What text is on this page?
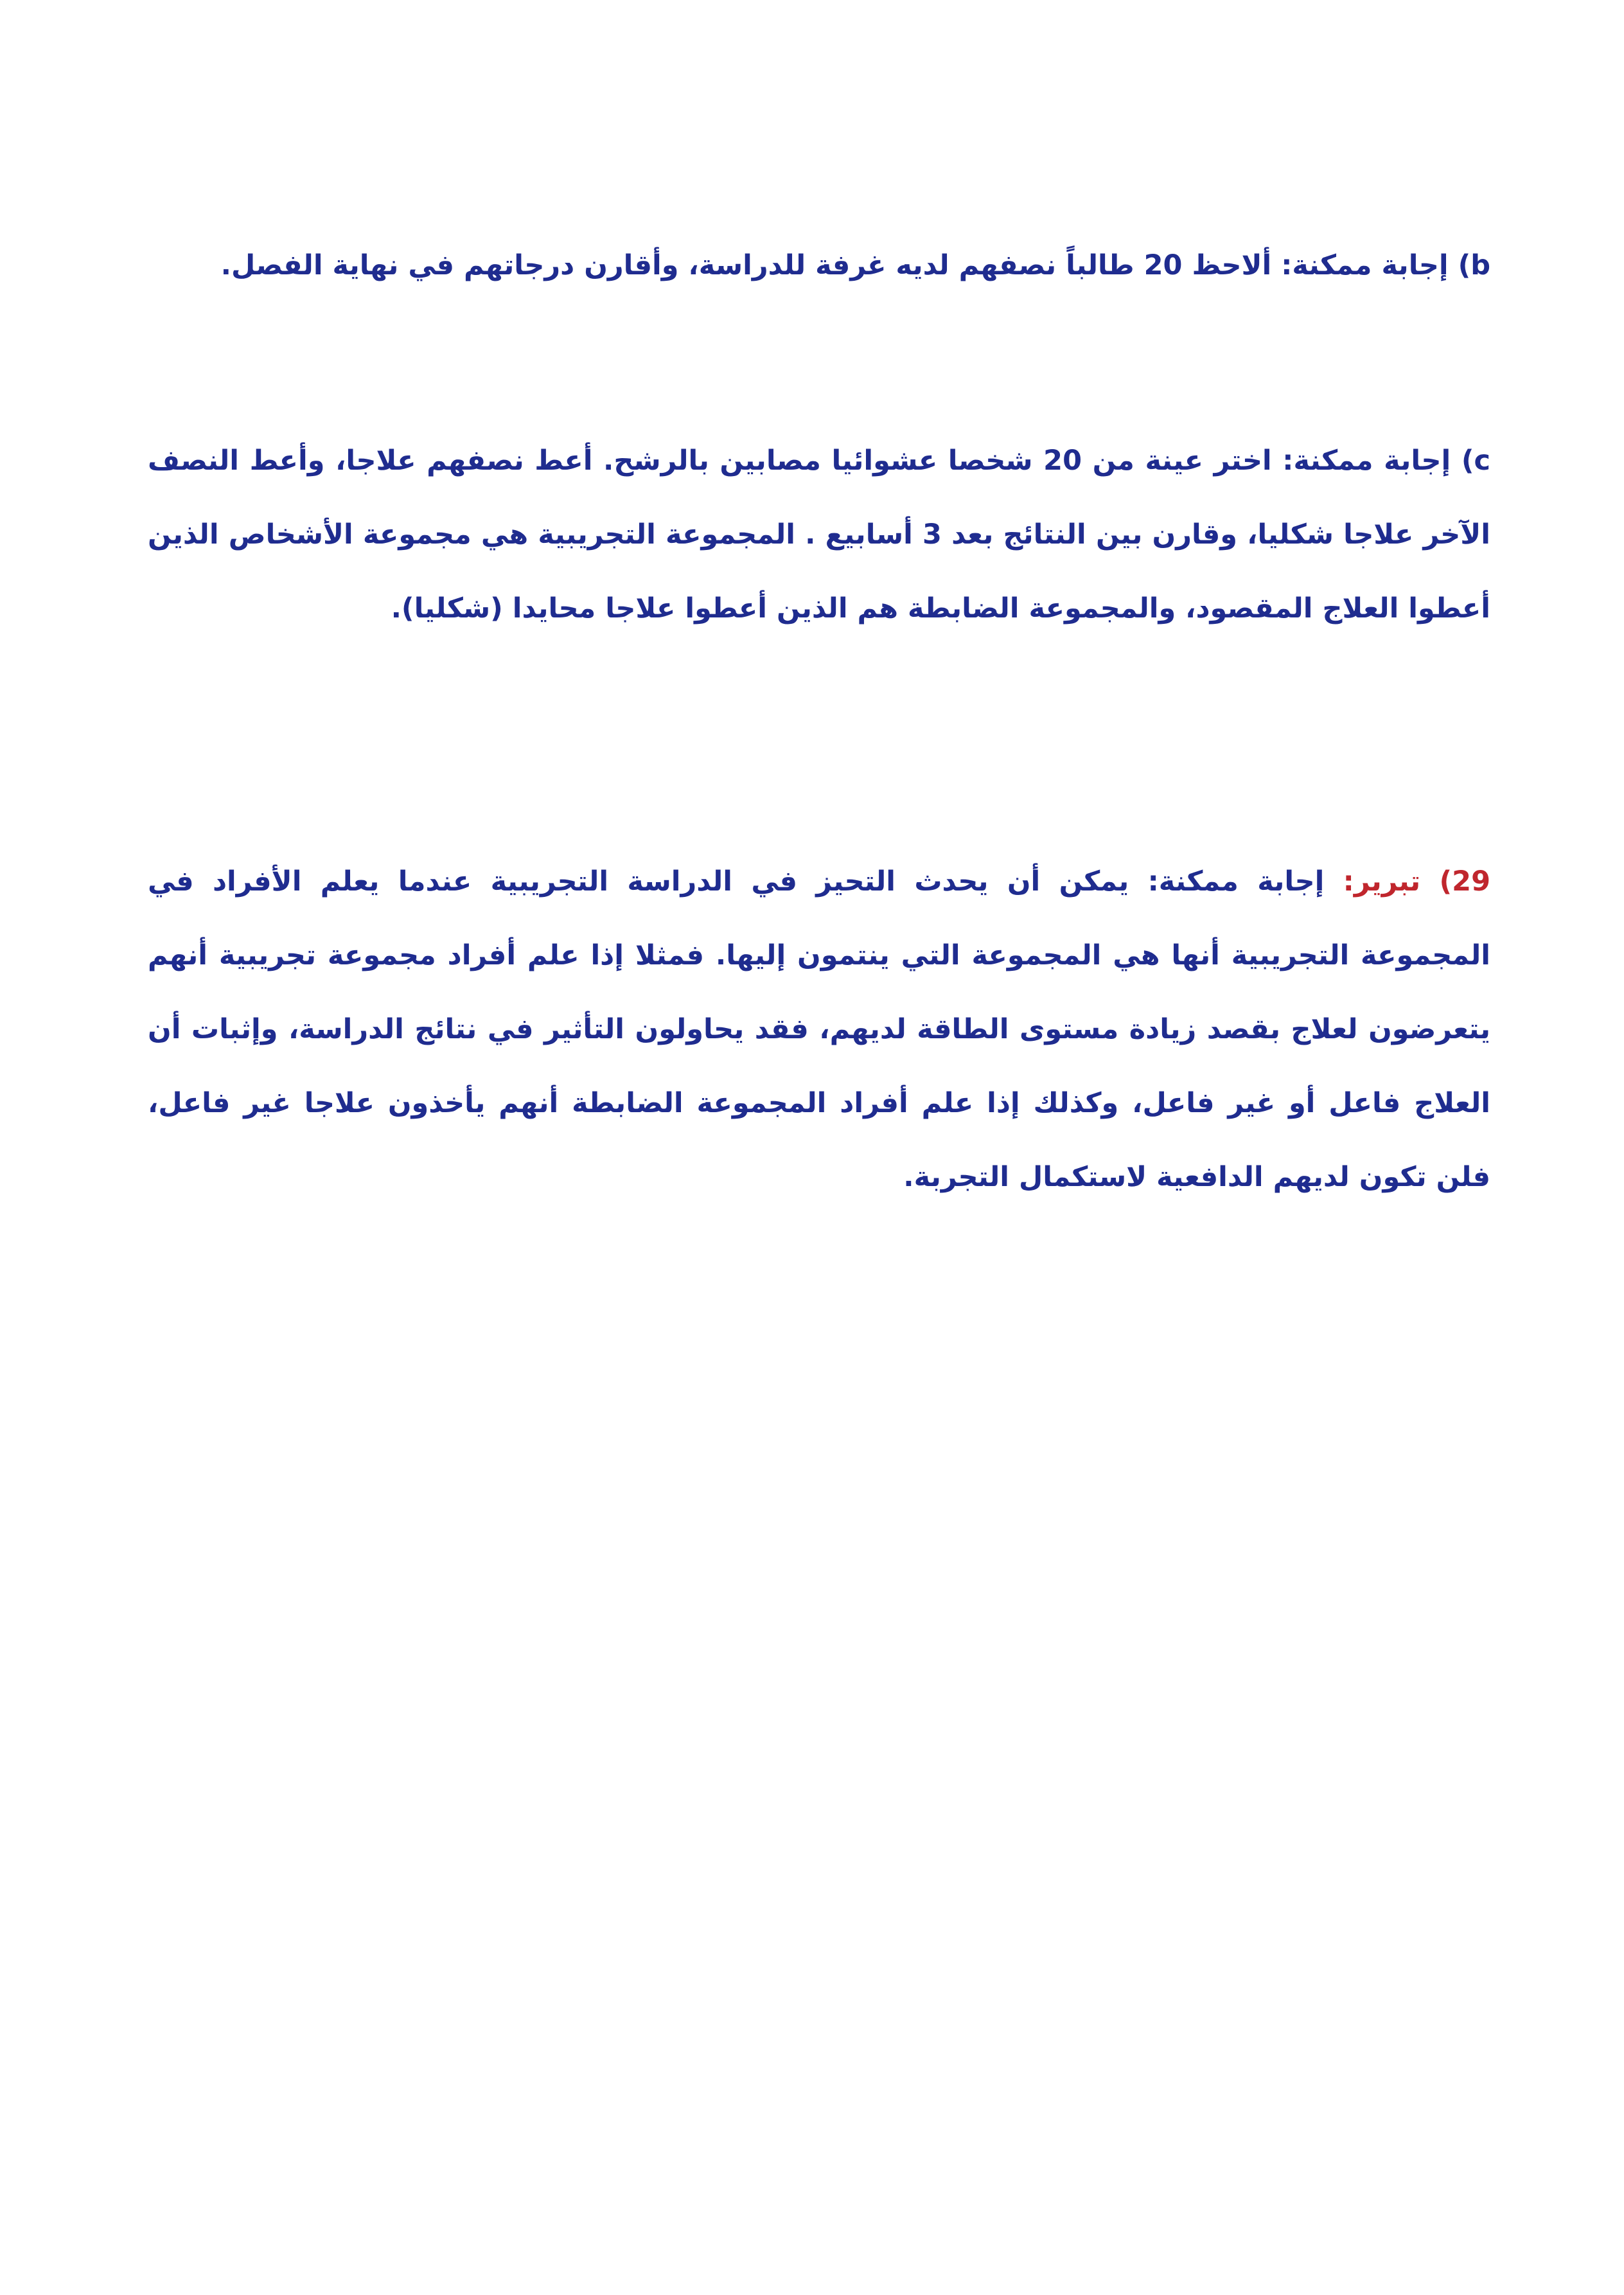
b) إجابة ممكنة: ألاحظ 20 طالباً نصفهم لديه غرفة للدراسة، وأقارن درجاتهم في نهاية الفصل.

c) إجابة ممكنة: اختر عينة من 20 شخصا عشوائيا مصابين بالرشح. أعط نصفهم علاجا، وأعط النصف الآخر علاجا شكليا، وقارن بين النتائج بعد 3 أسابيع . المجموعة التجريبية هي مجموعة الأشخاص الذين أعطوا العلاج المقصود، والمجموعة الضابطة هم الذين أعطوا علاجا محايدا (شكليا).

29) تبرير: إجابة ممكنة: يمكن أن يحدث التحيز في الدراسة التجريبية عندما يعلم الأفراد في المجموعة التجريبية أنها هي المجموعة التي ينتمون إليها. فمثلا إذا علم أفراد مجموعة تجريبية أنهم يتعرضون لعلاج بقصد زيادة مستوى الطاقة لديهم، فقد يحاولون التأثير في نتائج الدراسة، وإثبات أن العلاج فاعل أو غير فاعل، وكذلك إذا علم أفراد المجموعة الضابطة أنهم يأخذون علاجا غير فاعل، فلن تكون لديهم الدافعية لاستكمال التجربة.
